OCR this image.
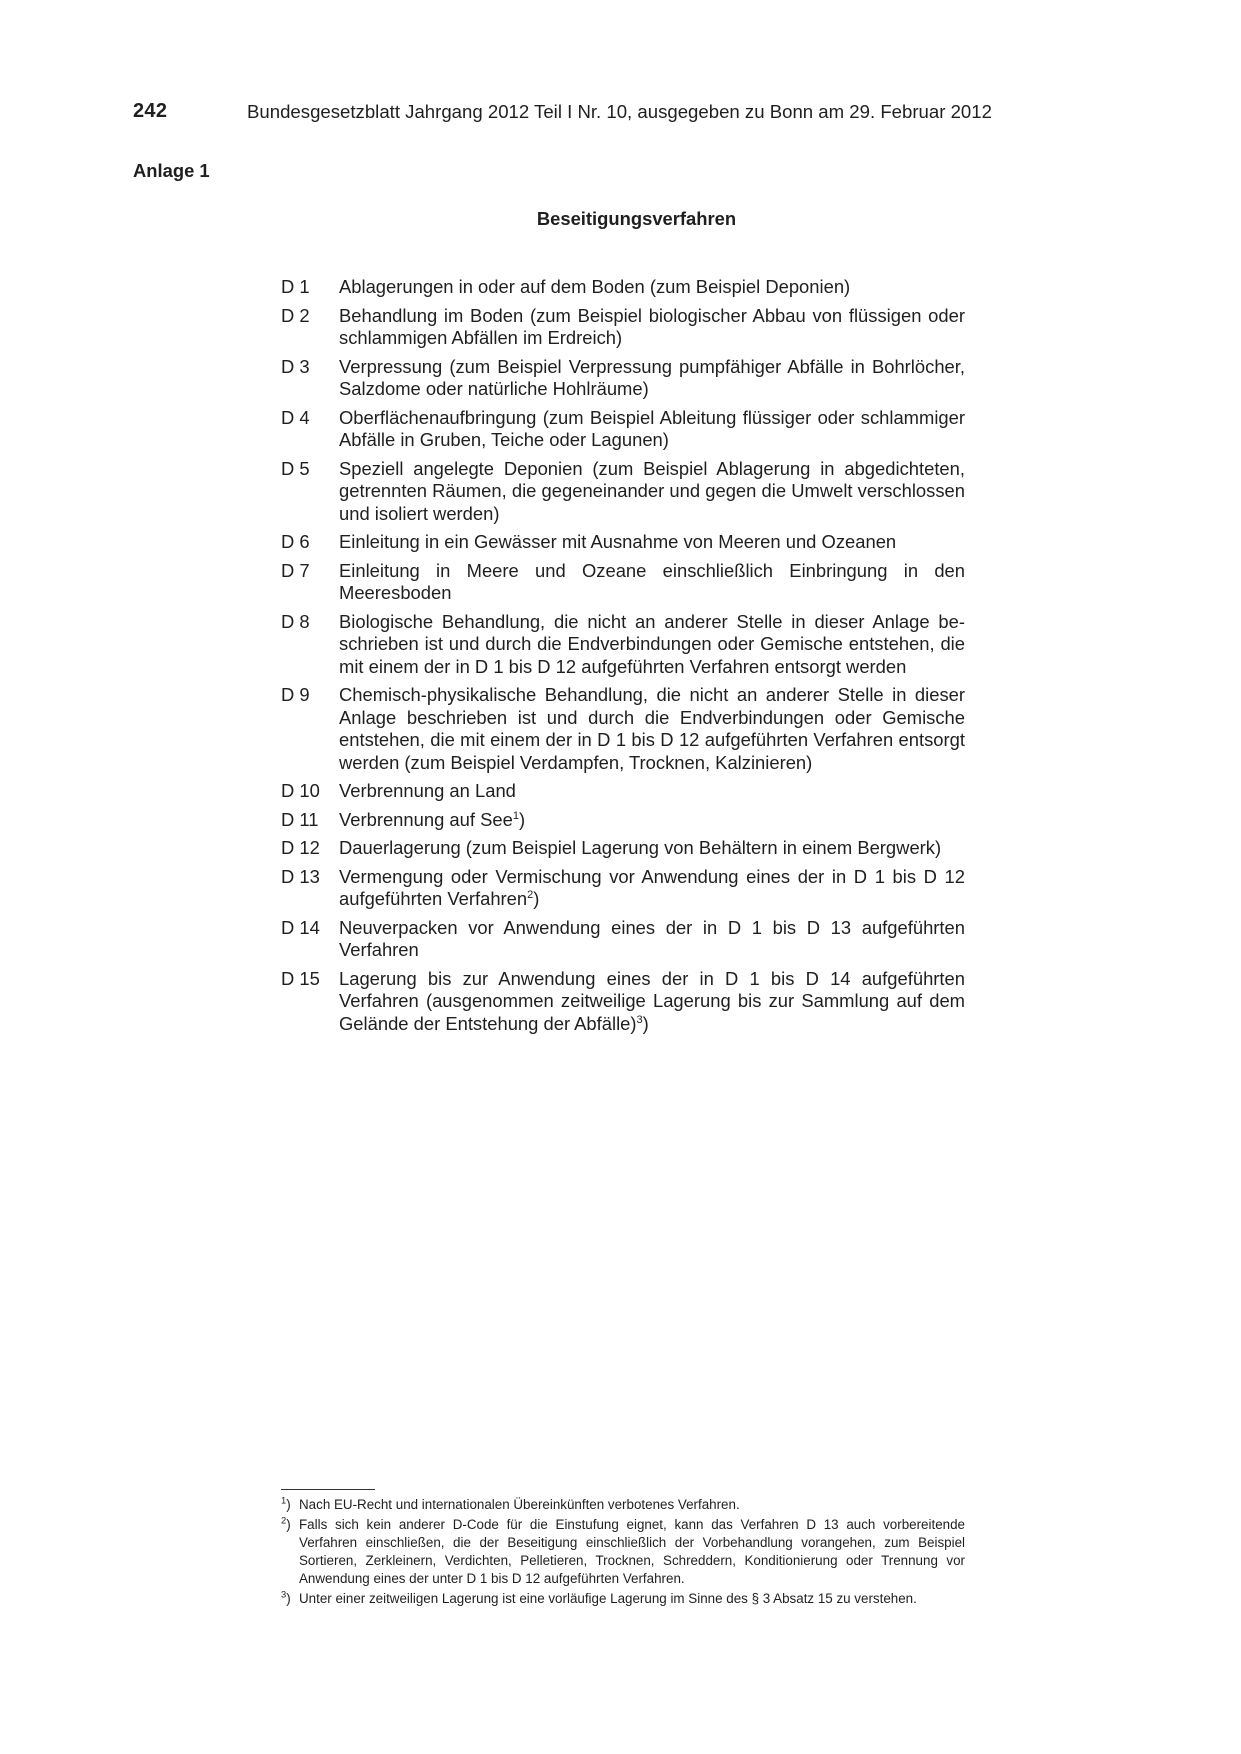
242	Bundesgesetzblatt Jahrgang 2012 Teil I Nr. 10, ausgegeben zu Bonn am 29. Februar 2012
Anlage 1
Beseitigungsverfahren
D 1	Ablagerungen in oder auf dem Boden (zum Beispiel Deponien)
D 2	Behandlung im Boden (zum Beispiel biologischer Abbau von flüssigen oder schlammigen Abfällen im Erdreich)
D 3	Verpressung (zum Beispiel Verpressung pumpfähiger Abfälle in Bohrlöcher, Salzdome oder natürliche Hohlräume)
D 4	Oberflächenaufbringung (zum Beispiel Ableitung flüssiger oder schlammiger Abfälle in Gruben, Teiche oder Lagunen)
D 5	Speziell angelegte Deponien (zum Beispiel Ablagerung in abgedichteten, getrennten Räumen, die gegeneinander und gegen die Umwelt verschlossen und isoliert werden)
D 6	Einleitung in ein Gewässer mit Ausnahme von Meeren und Ozeanen
D 7	Einleitung in Meere und Ozeane einschließlich Einbringung in den Meeresboden
D 8	Biologische Behandlung, die nicht an anderer Stelle in dieser Anlage beschrieben ist und durch die Endverbindungen oder Gemische entstehen, die mit einem der in D 1 bis D 12 aufgeführten Verfahren entsorgt werden
D 9	Chemisch-physikalische Behandlung, die nicht an anderer Stelle in dieser Anlage beschrieben ist und durch die Endverbindungen oder Gemische entstehen, die mit einem der in D 1 bis D 12 aufgeführten Verfahren entsorgt werden (zum Beispiel Verdampfen, Trocknen, Kalzinieren)
D 10	Verbrennung an Land
D 11	Verbrennung auf See$^1$)
D 12	Dauerlagerung (zum Beispiel Lagerung von Behältern in einem Bergwerk)
D 13	Vermengung oder Vermischung vor Anwendung eines der in D 1 bis D 12 aufgeführten Verfahren$^2$)
D 14	Neuverpacken vor Anwendung eines der in D 1 bis D 13 aufgeführten Verfahren
D 15	Lagerung bis zur Anwendung eines der in D 1 bis D 14 aufgeführten Verfahren (ausgenommen zeitweilige Lagerung bis zur Sammlung auf dem Gelände der Entstehung der Abfälle)$^3$)
$^1$) Nach EU-Recht und internationalen Übereinkünften verbotenes Verfahren.
$^2$) Falls sich kein anderer D-Code für die Einstufung eignet, kann das Verfahren D 13 auch vorbereitende Verfahren einschließen, die der Beseitigung einschließlich der Vorbehandlung vorangehen, zum Beispiel Sortieren, Zerkleinern, Verdichten, Pelletieren, Trocknen, Schreddern, Konditionierung oder Trennung vor Anwendung eines der unter D 1 bis D 12 aufgeführten Verfahren.
$^3$) Unter einer zeitweiligen Lagerung ist eine vorläufige Lagerung im Sinne des § 3 Absatz 15 zu verstehen.
